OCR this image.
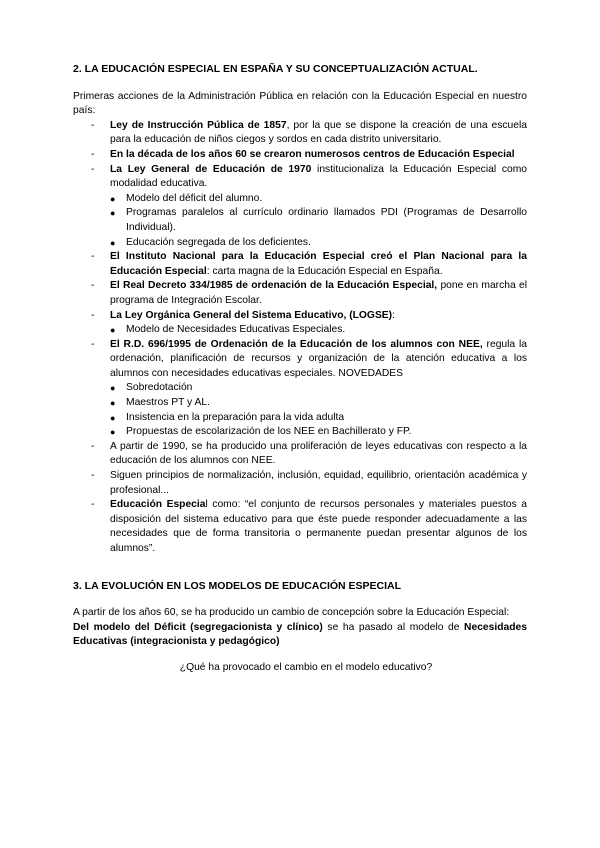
2. LA EDUCACIÓN ESPECIAL EN ESPAÑA Y SU CONCEPTUALIZACIÓN ACTUAL.

Primeras acciones de la Administración Pública en relación con la Educación Especial en nuestro país:

- Ley de Instrucción Pública de 1857, por la que se dispone la creación de una escuela para la educación de niños ciegos y sordos en cada distrito universitario.
- En la década de los años 60 se crearon numerosos centros de Educación Especial
- La Ley General de Educación de 1970 institucionaliza la Educación Especial como modalidad educativa.
● Modelo del déficit del alumno.
● Programas paralelos al currículo ordinario llamados PDI (Programas de Desarrollo Individual).
● Educación segregada de los deficientes.
- El Instituto Nacional para la Educación Especial creó el Plan Nacional para la Educación Especial: carta magna de la Educación Especial en España.
- El Real Decreto 334/1985 de ordenación de la Educación Especial, pone en marcha el programa de Integración Escolar.
- La Ley Orgánica General del Sistema Educativo, (LOGSE):
● Modelo de Necesidades Educativas Especiales.
- El R.D. 696/1995 de Ordenación de la Educación de los alumnos con NEE, regula la ordenación, planificación de recursos y organización de la atención educativa a los alumnos con necesidades educativas especiales. NOVEDADES
● Sobredotación
● Maestros PT y AL.
● Insistencia en la preparación para la vida adulta
● Propuestas de escolarización de los NEE en Bachillerato y FP.
- A partir de 1990, se ha producido una proliferación de leyes educativas con respecto a la educación de los alumnos con NEE.
- Siguen principios de normalización, inclusión, equidad, equilibrio, orientación académica y profesional...
- Educación Especial como: “el conjunto de recursos personales y materiales puestos a disposición del sistema educativo para que éste puede responder adecuadamente a las necesidades que de forma transitoria o permanente puedan presentar algunos de los alumnos”.

3. LA EVOLUCIÓN EN LOS MODELOS DE EDUCACIÓN ESPECIAL

A partir de los años 60, se ha producido un cambio de concepción sobre la Educación Especial:

Del modelo del Déficit (segregacionista y clínico) se ha pasado al modelo de Necesidades Educativas (integracionista y pedagógico)

¿Qué ha provocado el cambio en el modelo educativo?
